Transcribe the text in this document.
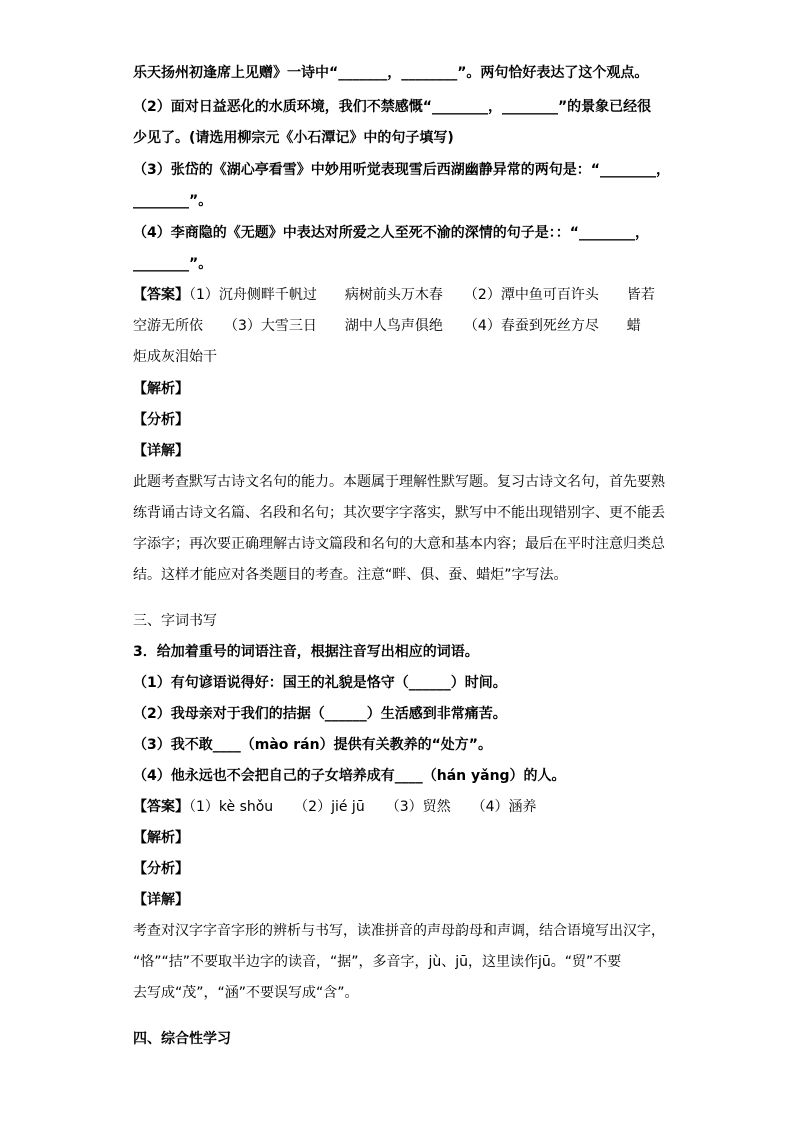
乐天扬州初逢席上见赠》一诗中“_______，________”。两句恰好表达了这个观点。
（2）面对日益恶化的水质环境，我们不禁感慨“________，________”的景象已经很
少见了。(请选用柳宗元《小石潭记》中的句子填写)
（3）张岱的《湖心亭看雪》中妙用听觉表现雪后西湖幽静异常的两句是：“________，
________”。
（4）李商隐的《无题》中表达对所爱之人至死不渝的深情的句子是：：“________，
________”。
【答案】（1）沉舟侧畔千帆过　　病树前头万木春　　（2）潭中鱼可百许头　　皆若
空游无所依　　（3）大雪三日　　湖中人鸟声俱绝　　（4）春蚕到死丝方尽　　蜡
炬成灰泪始干
【解析】
【分析】
【详解】
此题考查默写古诗文名句的能力。本题属于理解性默写题。复习古诗文名句，首先要熟
练背诵古诗文名篇、名段和名句；其次要字字落实，默写中不能出现错别字、更不能丢
字添字；再次要正确理解古诗文篇段和名句的大意和基本内容；最后在平时注意归类总
结。这样才能应对各类题目的考查。注意“畔、俱、蚕、蜡炬”字写法。
三、字词书写
3．给加着重号的词语注音，根据注音写出相应的词语。
（1）有句谚语说得好：国王的礼貌是恪守（______）时间。
（2）我母亲对于我们的拮据（______）生活感到非常痛苦。
（3）我不敢____（mào rán）提供有关教养的“处方”。
（4）他永远也不会把自己的子女培养成有____（hán yǎng）的人。
【答案】（1）kè shǒu　　（2）jié jū　　（3）贸然　　（4）涵养
【解析】
【分析】
【详解】
考查对汉字字音字形的辨析与书写，读准拼音的声母韵母和声调，结合语境写出汉字，
“恪”“拮”不要取半边字的读音，“据”，多音字，jù、jū，这里读作jū。“贸”不要
去写成“茂”，“涵”不要误写成“含”。
四、综合性学习
